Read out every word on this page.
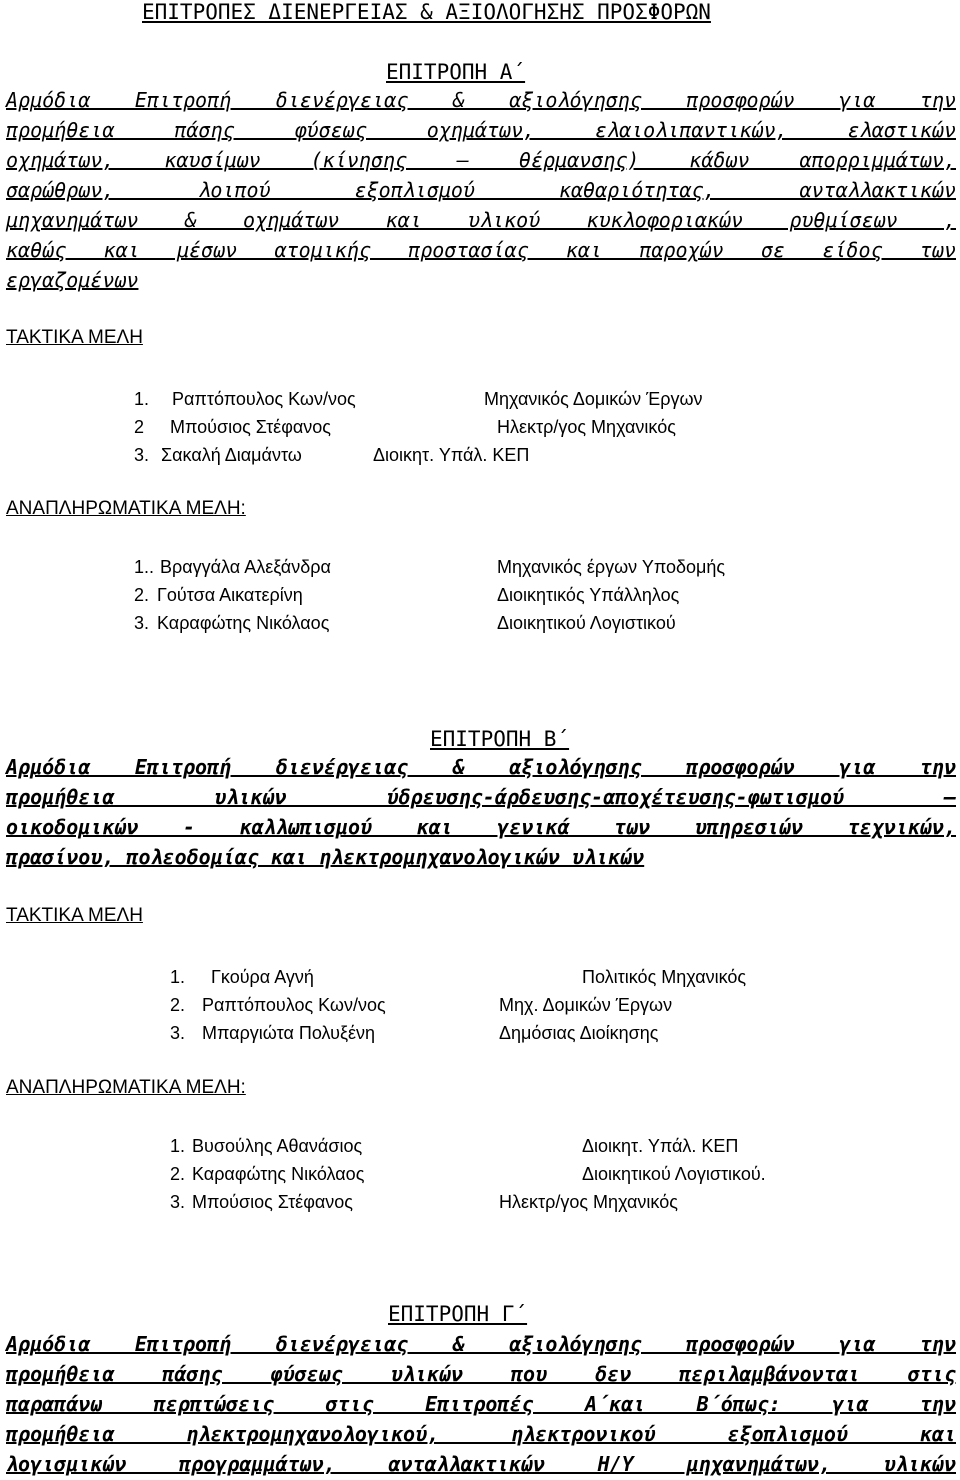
ΕΠΙΤΡΟΠΕΣ ΔΙΕΝΕΡΓΕΙΑΣ & ΑΞΙΟΛΟΓΗΣΗΣ ΠΡΟΣΦΟΡΩΝ
ΕΠΙΤΡΟΠΗ Α΄
Αρμόδια Επιτροπή διενέργειας & αξιολόγησης προσφορών για την
προμήθεια πάσης φύσεως οχημάτων, ελαιολιπαντικών, ελαστικών
οχημάτων, καυσίμων (κίνησης – θέρμανσης) κάδων απορριμμάτων,
σαρώθρων, λοιπού εξοπλισμού καθαριότητας, ανταλλακτικών
μηχανημάτων & οχημάτων και υλικού κυκλοφοριακών ρυθμίσεων ,
καθώς και μέσων ατομικής προστασίας και παροχών σε είδος των
εργαζομένων
ΤΑΚΤΙΚΑ ΜΕΛΗ
1. Ραπτόπουλος Κων/νος	Μηχανικός Δομικών Έργων
2 Μπούσιος Στέφανος	Ηλεκτρ/γος Μηχανικός
3. Σακαλή Διαμάντω	Διοικητ. Υπάλ. ΚΕΠ
ΑΝΑΠΛΗΡΩΜΑΤΙΚΑ ΜΕΛΗ:
1.. Βραγγάλα Αλεξάνδρα	Μηχανικός έργων Υποδομής
2. Γούτσα Αικατερίνη	Διοικητικός Υπάλληλος
3. Καραφώτης Νικόλαος	Διοικητικού Λογιστικού
ΕΠΙΤΡΟΠΗ Β΄
Αρμόδια Επιτροπή διενέργειας & αξιολόγησης προσφορών για την
προμήθεια υλικών ύδρευσης-άρδευσης-αποχέτευσης-φωτισμού –
οικοδομικών - καλλωπισμού και γενικά των υπηρεσιών τεχνικών,
πρασίνου, πολεοδομίας και ηλεκτρομηχανολογικών υλικών
ΤΑΚΤΙΚΑ ΜΕΛΗ
1. Γκούρα Αγνή	Πολιτικός Μηχανικός
2. Ραπτόπουλος Κων/νος	Μηχ. Δομικών Έργων
3. Μπαργιώτα Πολυξένη	Δημόσιας Διοίκησης
ΑΝΑΠΛΗΡΩΜΑΤΙΚΑ ΜΕΛΗ:
1. Βυσούλης Αθανάσιος	Διοικητ. Υπάλ. ΚΕΠ
2. Καραφώτης Νικόλαος	Διοικητικού Λογιστικού.
3. Μπούσιος Στέφανος	Ηλεκτρ/γος Μηχανικός
ΕΠΙΤΡΟΠΗ Γ΄
Αρμόδια Επιτροπή διενέργειας & αξιολόγησης προσφορών για την
προμήθεια πάσης φύσεως υλικών που δεν περιλαμβάνονται στις
παραπάνω περπτώσεις στις Επιτροπές Α΄και Β΄όπως: για την
προμήθεια ηλεκτρομηχανολογικού, ηλεκτρονικού εξοπλισμού και
λογισμικών προγραμμάτων, ανταλλακτικών Η/Υ μηχανημάτων, υλικών
